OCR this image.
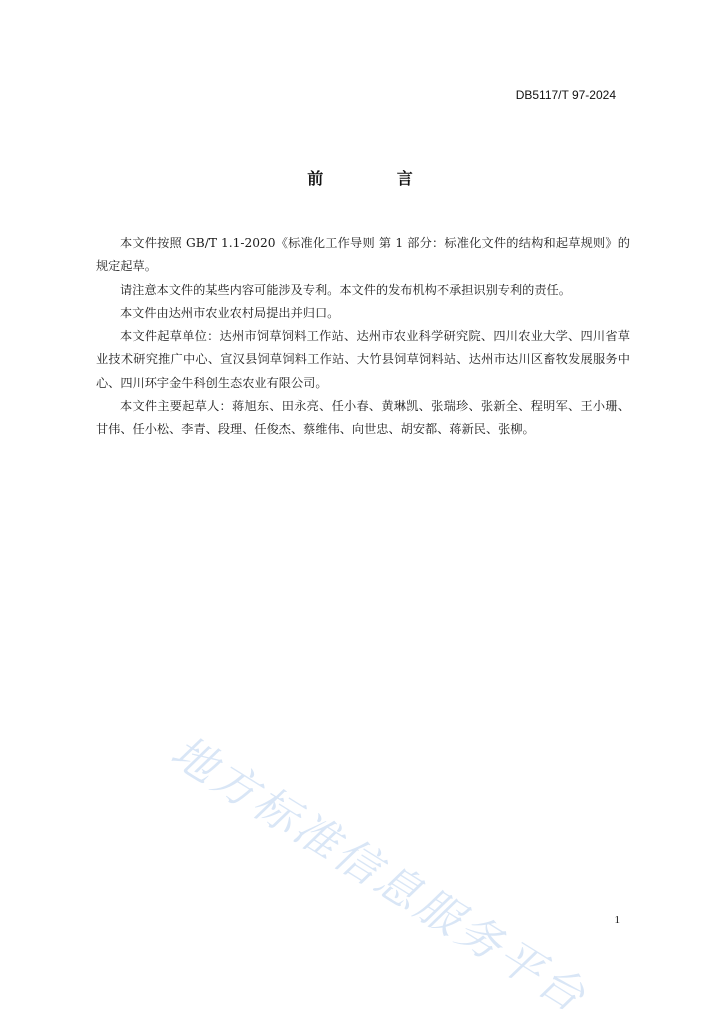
DB5117/T 97-2024
前 言

本文件按照 GB/T 1.1-2020《标准化工作导则 第 1 部分：标准化文件的结构和起草规则》的规定起草。

请注意本文件的某些内容可能涉及专利。本文件的发布机构不承担识别专利的责任。

本文件由达州市农业农村局提出并归口。

本文件起草单位：达州市饲草饲料工作站、达州市农业科学研究院、四川农业大学、四川省草业技术研究推广中心、宣汉县饲草饲料工作站、大竹县饲草饲料站、达州市达川区畜牧发展服务中心、四川环宇金牛科创生态农业有限公司。

本文件主要起草人：蒋旭东、田永亮、任小春、黄琳凯、张瑞珍、张新全、程明军、王小珊、甘伟、任小松、李青、段理、任俊杰、蔡维伟、向世忠、胡安都、蒋新民、张柳。

地方标准信息服务平台	1
